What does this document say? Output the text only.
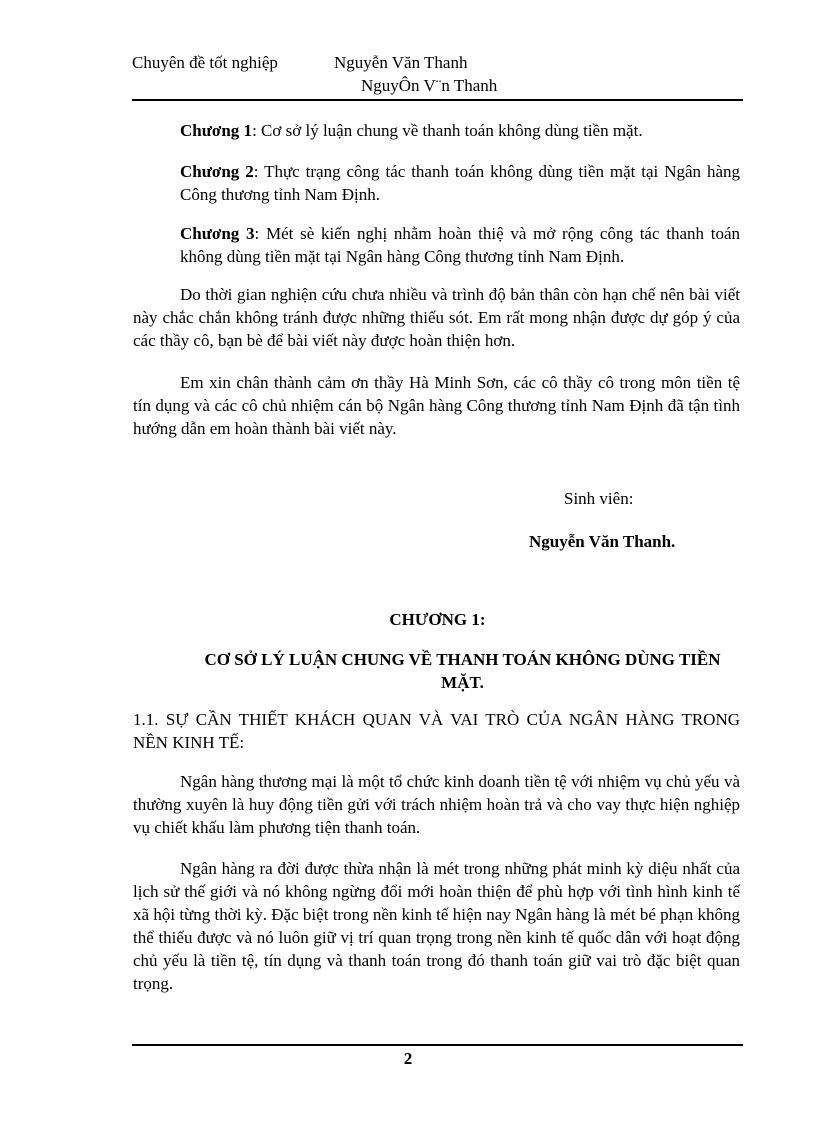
Chuyên đề tốt nghiệp	Nguyễn Văn Thanh
NguyÔn V¨n Thanh
Chương 1: Cơ sở lý luận chung về thanh toán không dùng tiền mặt.
Chương 2: Thực trạng công tác thanh toán không dùng tiền mặt tại Ngân hàng Công thương tỉnh Nam Định.
Chương 3: Mét sè kiến nghị nhằm hoàn thiệ và mở rộng công tác thanh toán không dùng tiền mặt tại Ngân hàng Công thương tỉnh Nam Định.
Do thời gian nghiện cứu chưa nhiều và trình độ bản thân còn hạn chế nên bài viết này chắc chắn không tránh được những thiếu sót. Em rất mong nhận được dự góp ý của các thầy cô, bạn bè để bài viết này được hoàn thiện hơn.
Em xin chân thành cảm ơn thầy Hà Minh Sơn, các cô thầy cô trong môn tiền tệ tín dụng và các cô chủ nhiệm cán bộ Ngân hàng Công thương tỉnh Nam Định đã tận tình hướng dẫn em hoàn thành bài viết này.
Sinh viên:
Nguyễn Văn Thanh.
CHƯƠNG 1:
CƠ SỞ LÝ LUẬN CHUNG VỀ THANH TOÁN KHÔNG DÙNG TIỀN MẶT.
1.1. SỰ CẦN THIẾT KHÁCH QUAN VÀ VAI TRÒ CỦA NGÂN HÀNG TRONG NỀN KINH TẾ:
Ngân hàng thương mại là một tổ chức kinh doanh tiền tệ với nhiệm vụ chủ yếu và thường xuyên là huy động tiền gửi với trách nhiệm hoàn trả và cho vay thực hiện nghiệp vụ chiết khấu làm phương tiện thanh toán.
Ngân hàng ra đời được thừa nhận là mét trong những phát minh kỳ diệu nhất của lịch sử thế giới và nó không ngừng đổi mới hoàn thiện để phù hợp với tình hình kinh tế xã hội từng thời kỳ. Đặc biệt trong nền kinh tế hiện nay Ngân hàng là mét bé phạn không thể thiếu được và nó luôn giữ vị trí quan trọng trong nền kinh tế quốc dân với hoạt động chủ yếu là tiền tệ, tín dụng và thanh toán trong đó thanh toán giữ vai trò đặc biệt quan trọng.
2
